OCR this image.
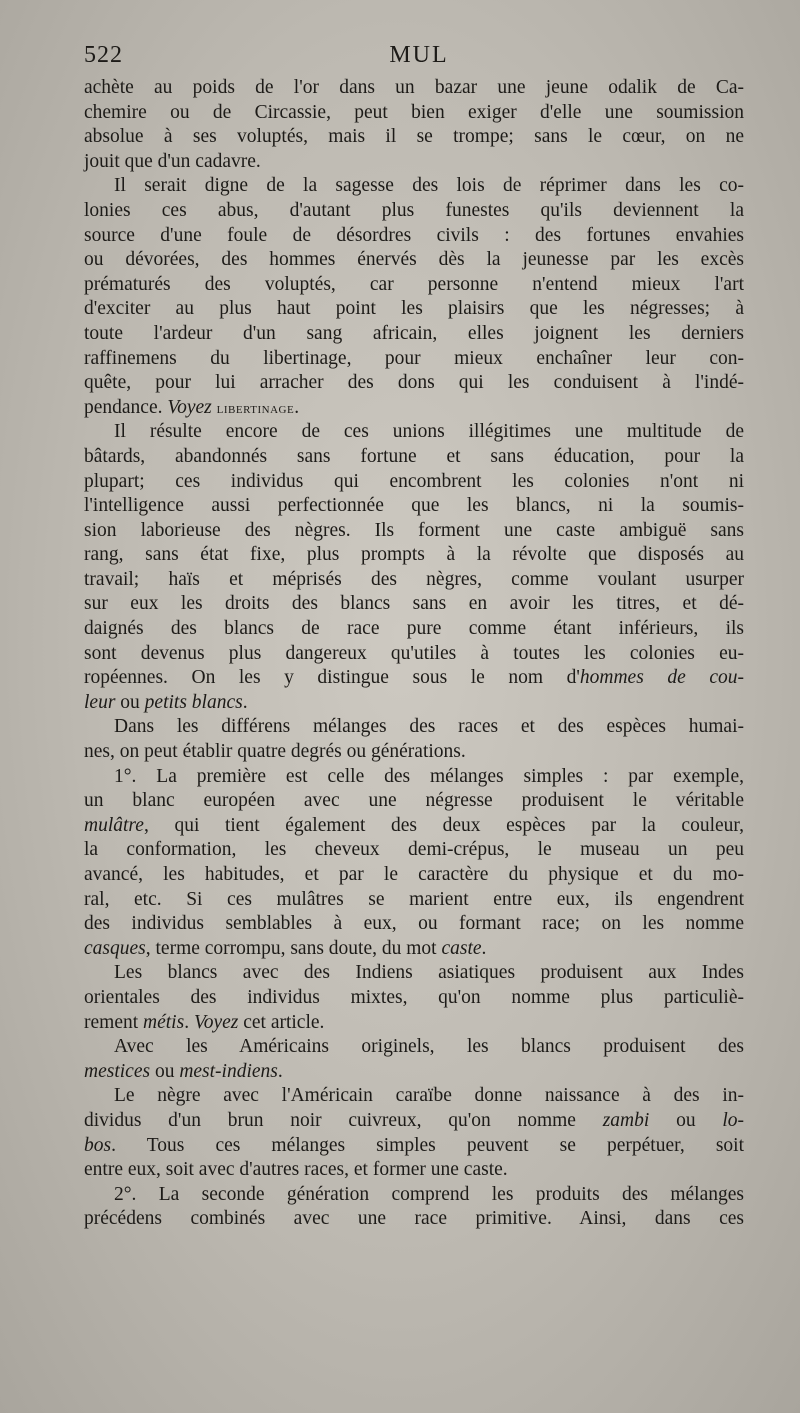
522	MUL
achète au poids de l'or dans un bazar une jeune odalik de Ca-
chemire ou de Circassie, peut bien exiger d'elle une soumission
absolue à ses voluptés, mais il se trompe; sans le cœur, on ne
jouit que d'un cadavre.
Il serait digne de la sagesse des lois de réprimer dans les co-
lonies ces abus, d'autant plus funestes qu'ils deviennent la
source d'une foule de désordres civils : des fortunes envahies
ou dévorées, des hommes énervés dès la jeunesse par les excès
prématurés des voluptés, car personne n'entend mieux l'art
d'exciter au plus haut point les plaisirs que les négresses; à
toute l'ardeur d'un sang africain, elles joignent les derniers
raffinemens du libertinage, pour mieux enchaîner leur con-
quête, pour lui arracher des dons qui les conduisent à l'indé-
pendance. Voyez libertinage.
Il résulte encore de ces unions illégitimes une multitude de
bâtards, abandonnés sans fortune et sans éducation, pour la
plupart; ces individus qui encombrent les colonies n'ont ni
l'intelligence aussi perfectionnée que les blancs, ni la soumis-
sion laborieuse des nègres. Ils forment une caste ambiguë sans
rang, sans état fixe, plus prompts à la révolte que disposés au
travail; haïs et méprisés des nègres, comme voulant usurper
sur eux les droits des blancs sans en avoir les titres, et dé-
daignés des blancs de race pure comme étant inférieurs, ils
sont devenus plus dangereux qu'utiles à toutes les colonies eu-
ropéennes. On les y distingue sous le nom d'hommes de cou-
leur ou petits blancs.
Dans les différens mélanges des races et des espèces humai-
nes, on peut établir quatre degrés ou générations.
1°. La première est celle des mélanges simples : par exemple,
un blanc européen avec une négresse produisent le véritable
mulâtre, qui tient également des deux espèces par la couleur,
la conformation, les cheveux demi-crépus, le museau un peu
avancé, les habitudes, et par le caractère du physique et du mo-
ral, etc. Si ces mulâtres se marient entre eux, ils engendrent
des individus semblables à eux, ou formant race; on les nomme
casques, terme corrompu, sans doute, du mot caste.
Les blancs avec des Indiens asiatiques produisent aux Indes
orientales des individus mixtes, qu'on nomme plus particuliè-
rement métis. Voyez cet article.
Avec les Américains originels, les blancs produisent des
mestices ou mest-indiens.
Le nègre avec l'Américain caraïbe donne naissance à des in-
dividus d'un brun noir cuivreux, qu'on nomme zambi ou lo-
bos. Tous ces mélanges simples peuvent se perpétuer, soit
entre eux, soit avec d'autres races, et former une caste.
2°. La seconde génération comprend les produits des mélanges
précédens combinés avec une race primitive. Ainsi, dans ces
